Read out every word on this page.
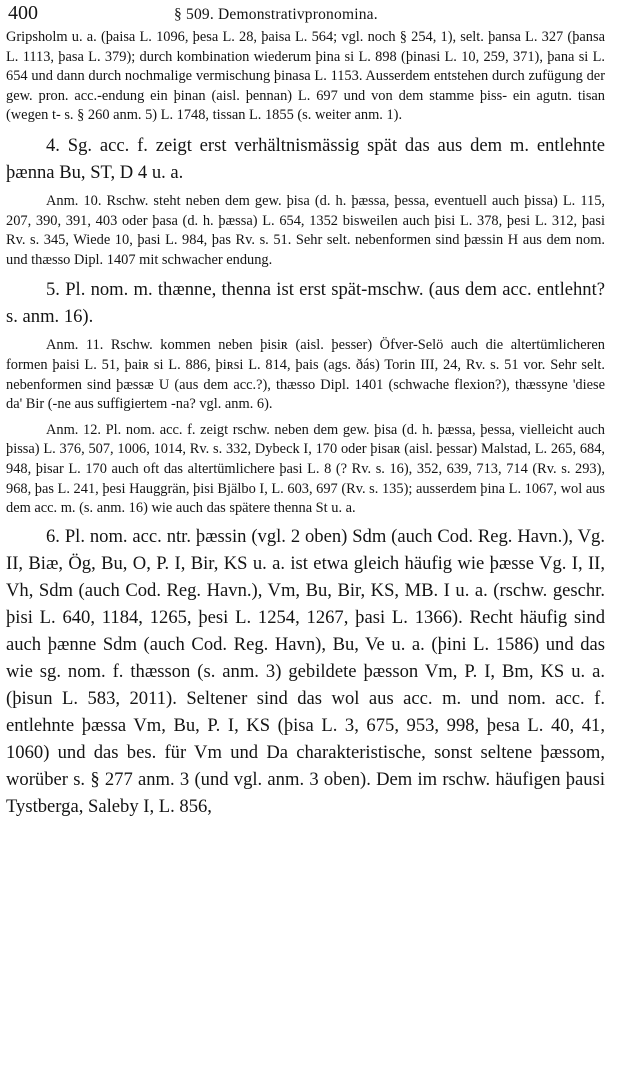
400	§ 509. Demonstrativpronomina.

Gripsholm u. a. (þaisa L. 1096, þesa L. 28, þaisa L. 564; vgl. noch § 254, 1), selt. þansa L. 327 (þansa L. 1113, þasa L. 379); durch kombination wiederum þina si L. 898 (þinasi L. 10, 259, 371), þana si L. 654 und dann durch nochmalige vermischung þinasa L. 1153. Ausserdem entstehen durch zufügung der gew. pron. acc.-endung ein þinan (aisl. þennan) L. 697 und von dem stamme þiss- ein agutn. tisan (wegen t- s. § 260 anm. 5) L. 1748, tissan L. 1855 (s. weiter anm. 1).

4. Sg. acc. f. zeigt erst verhältnismässig spät das aus dem m. entlehnte þænna Bu, ST, D 4 u. a.

Anm. 10. Rschw. steht neben dem gew. þisa (d. h. þæssa, þessa, eventuell auch þissa) L. 115, 207, 390, 391, 403 oder þasa (d. h. þæssa) L. 654, 1352 bisweilen auch þisi L. 378, þesi L. 312, þasi Rv. s. 345, Wiede 10, þasi L. 984, þas Rv. s. 51. Sehr selt. nebenformen sind þæssin H aus dem nom. und thæsso Dipl. 1407 mit schwacher endung.

5. Pl. nom. m. thænne, thenna ist erst spät-mschw. (aus dem acc. entlehnt? s. anm. 16).

Anm. 11. Rschw. kommen neben þisiʀ (aisl. þesser) Öfver-Selö auch die altertümlicheren formen þaisi L. 51, þaiʀ si L. 886, þiʀsi L. 814, þais (ags. ðás) Torin III, 24, Rv. s. 51 vor. Sehr selt. nebenformen sind þæssæ U (aus dem acc.?), thæsso Dipl. 1401 (schwache flexion?), thæssyne 'diese da' Bir (-ne aus suffigiertem -na? vgl. anm. 6).

Anm. 12. Pl. nom. acc. f. zeigt rschw. neben dem gew. þisa (d. h. þæssa, þessa, vielleicht auch þissa) L. 376, 507, 1006, 1014, Rv. s. 332, Dybeck I, 170 oder þisaʀ (aisl. þessar) Malstad, L. 265, 684, 948, þisar L. 170 auch oft das altertümlichere þasi L. 8 (? Rv. s. 16), 352, 639, 713, 714 (Rv. s. 293), 968, þas L. 241, þesi Hauggrän, þisi Bjälbo I, L. 603, 697 (Rv. s. 135); ausserdem þina L. 1067, wol aus dem acc. m. (s. anm. 16) wie auch das spätere thenna St u. a.

6. Pl. nom. acc. ntr. þæssin (vgl. 2 oben) Sdm (auch Cod. Reg. Havn.), Vg. II, Biæ, Ög, Bu, O, P. I, Bir, KS u. a. ist etwa gleich häufig wie þæsse Vg. I, II, Vh, Sdm (auch Cod. Reg. Havn.), Vm, Bu, Bir, KS, MB. I u. a. (rschw. geschr. þisi L. 640, 1184, 1265, þesi L. 1254, 1267, þasi L. 1366). Recht häufig sind auch þænne Sdm (auch Cod. Reg. Havn), Bu, Ve u. a. (þini L. 1586) und das wie sg. nom. f. thæsson (s. anm. 3) gebildete þæsson Vm, P. I, Bm, KS u. a. (þisun L. 583, 2011). Seltener sind das wol aus acc. m. und nom. acc. f. entlehnte þæssa Vm, Bu, P. I, KS (þisa L. 3, 675, 953, 998, þesa L. 40, 41, 1060) und das bes. für Vm und Da charakteristische, sonst seltene þæssom, worüber s. § 277 anm. 3 (und vgl. anm. 3 oben). Dem im rschw. häufigen þausi Tystberga, Saleby I, L. 856,
